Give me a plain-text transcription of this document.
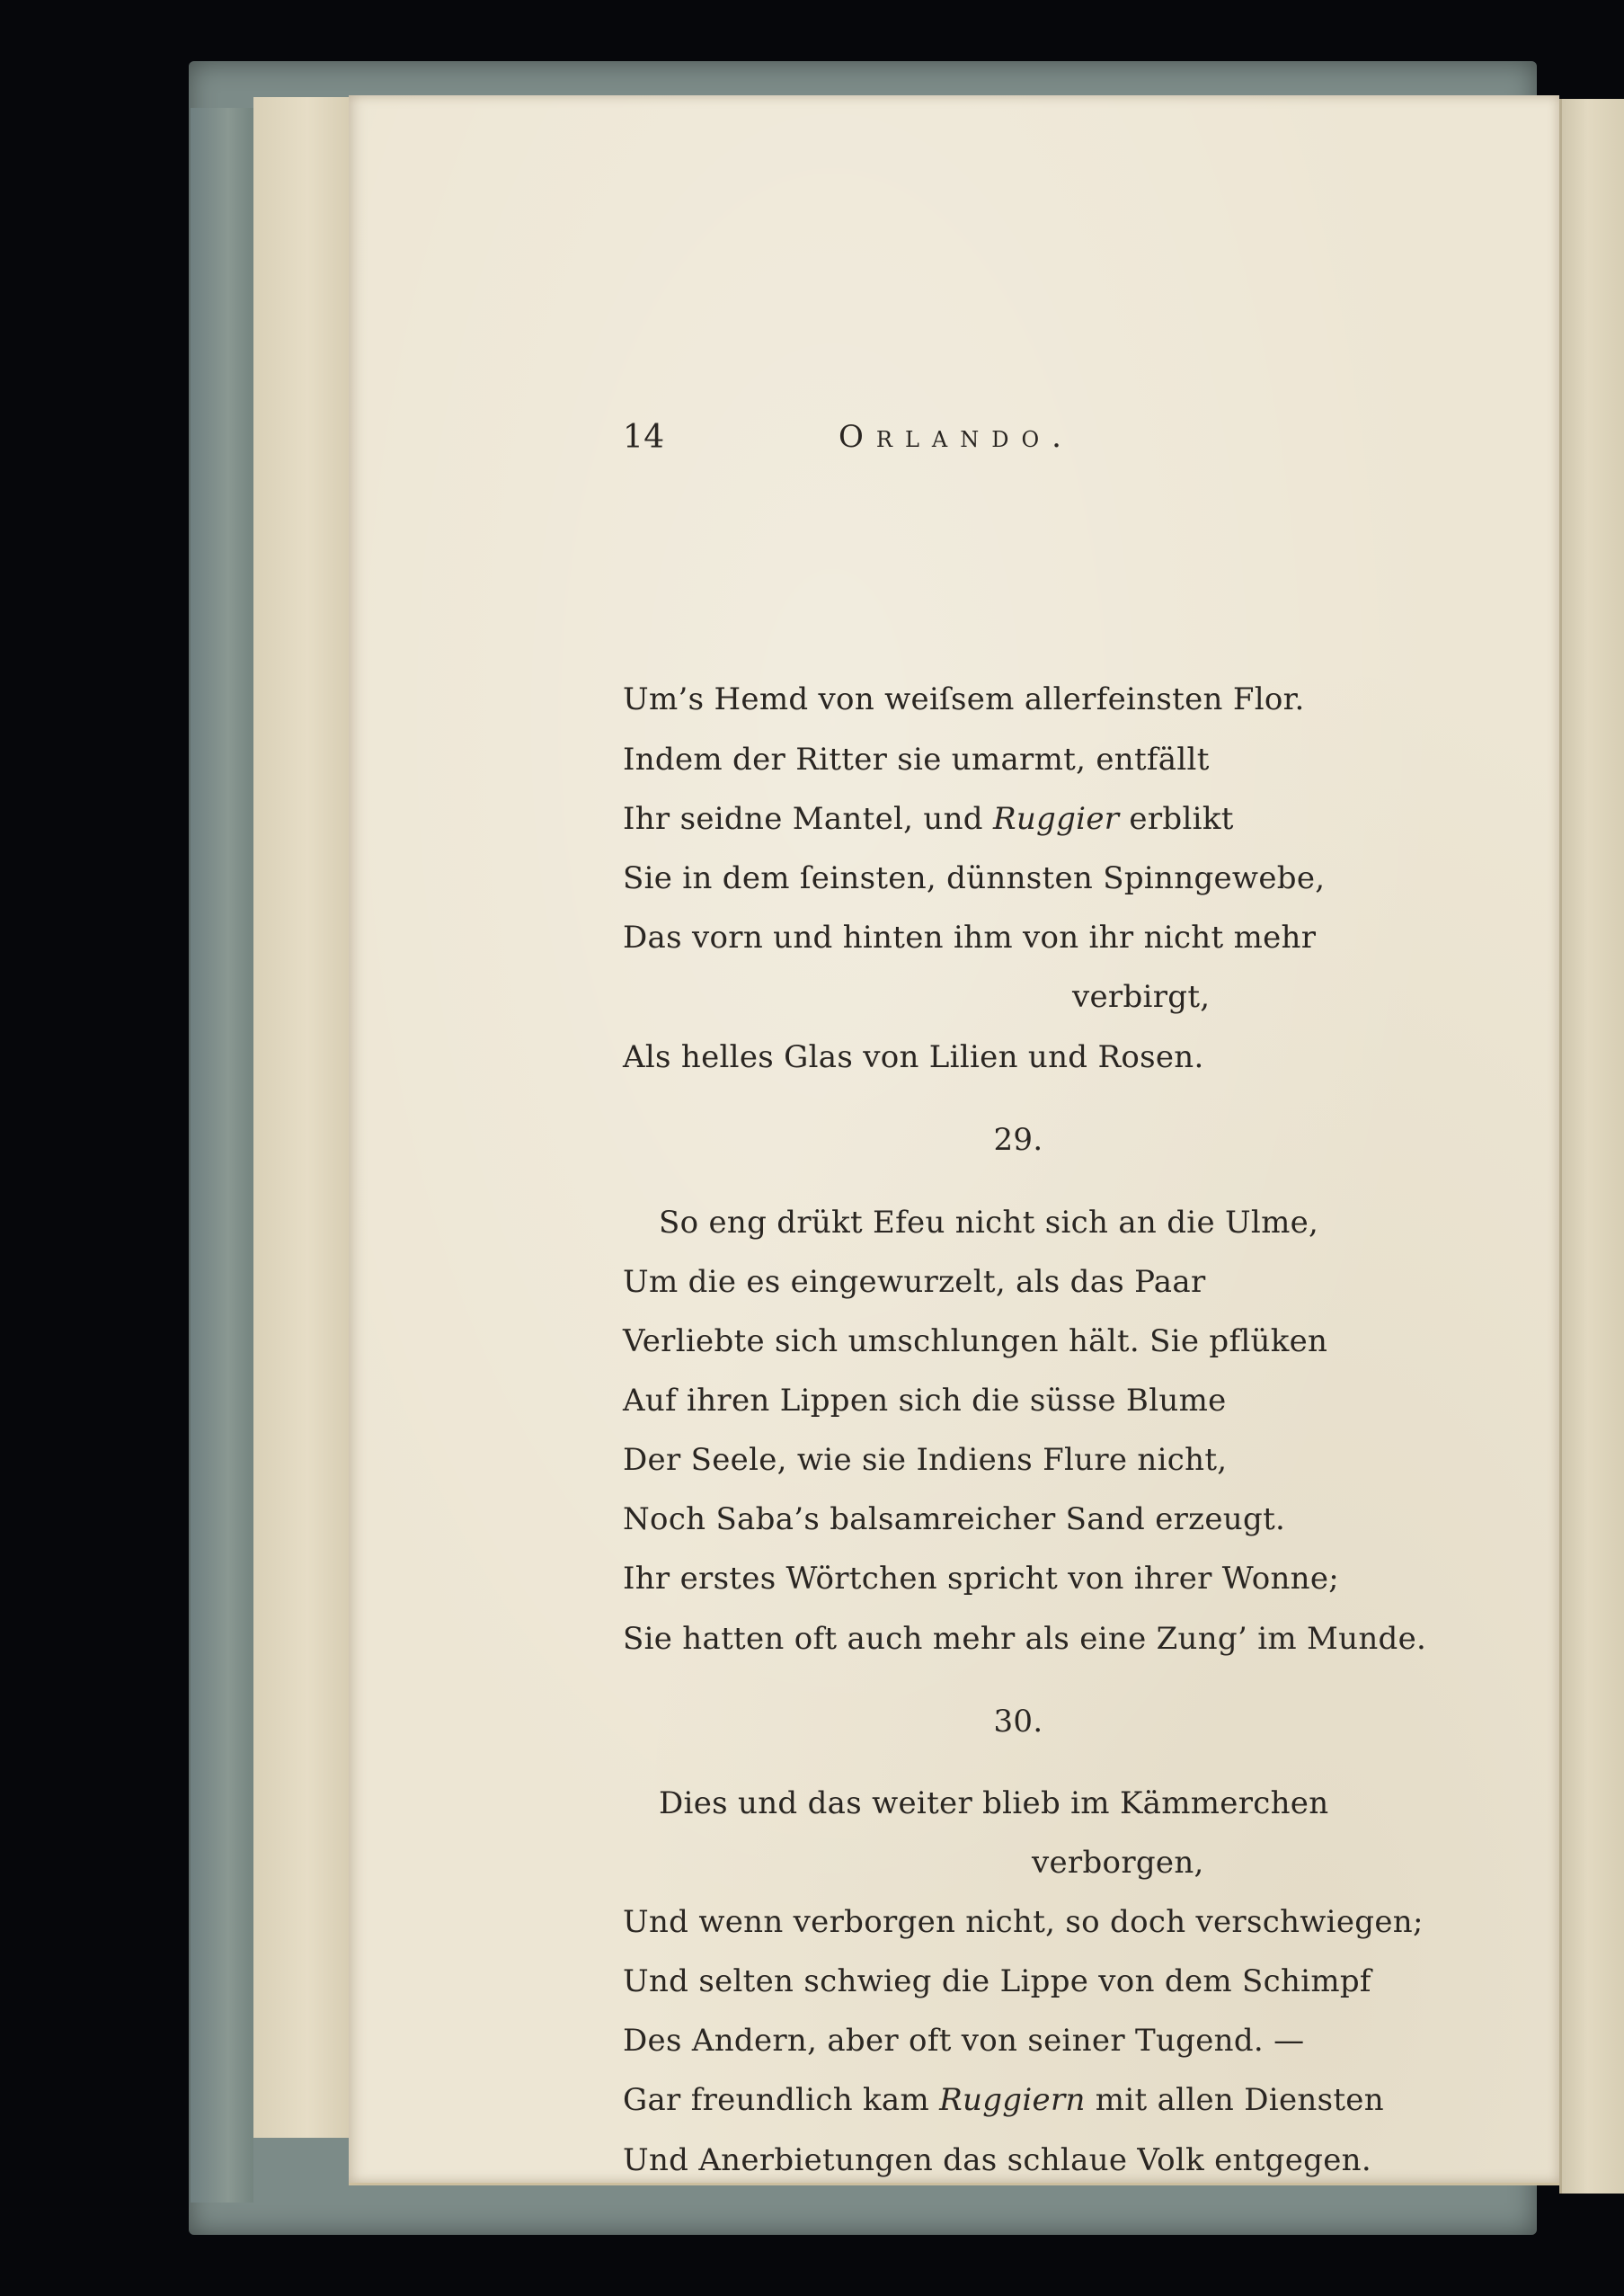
14	Orlando.
Um’s Hemd von weiſsem allerfeinsten Flor.
Indem der Ritter sie umarmt, entfällt
Ihr seidne Mantel, und Ruggier erblikt
Sie in dem ſeinsten, dünnsten Spinngewebe,
Das vorn und hinten ihm von ihr nicht mehr
verbirgt,
Als helles Glas von Lilien und Rosen.
29.
So eng drükt Efeu nicht sich an die Ulme,
Um die es eingewurzelt, als das Paar
Verliebte sich umschlungen hält. Sie pflüken
Auf ihren Lippen sich die süsse Blume
Der Seele, wie sie Indiens Flure nicht,
Noch Saba’s balsamreicher Sand erzeugt.
Ihr erstes Wörtchen spricht von ihrer Wonne;
Sie hatten oft auch mehr als eine Zung’ im Munde.
30.
Dies und das weiter blieb im Kämmerchen
verborgen,
Und wenn verborgen nicht, so doch verschwiegen;
Und selten schwieg die Lippe von dem Schimpf
Des Andern, aber oft von seiner Tugend. —
Gar freundlich kam Ruggiern mit allen Diensten
Und Anerbietungen das schlaue Volk entgegen.
